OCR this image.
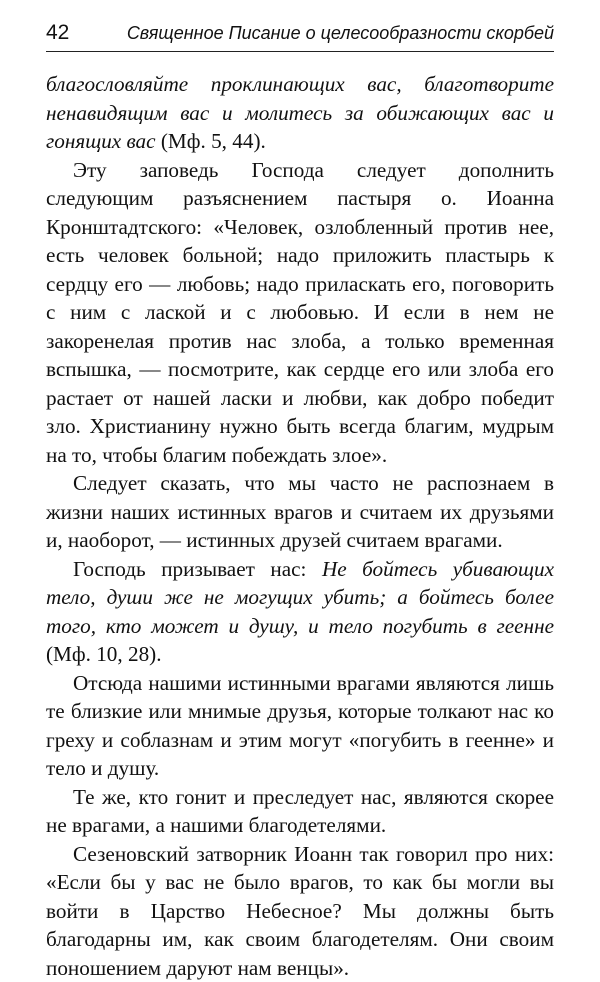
42	Священное Писание о целесообразности скорбей

благословляйте проклинающих вас, благотворите ненавидящим вас и молитесь за обижающих вас и гонящих вас (Мф. 5, 44).

Эту заповедь Господа следует дополнить следующим разъяснением пастыря о. Иоанна Кронштадтского: «Человек, озлобленный против нее, есть человек больной; надо приложить пластырь к сердцу его — любовь; надо приласкать его, поговорить с ним с лаской и с любовью. И если в нем не закоренелая против нас злоба, а только временная вспышка, — посмотрите, как сердце его или злоба его растает от нашей ласки и любви, как добро победит зло. Христианину нужно быть всегда благим, мудрым на то, чтобы благим побеждать злое».

Следует сказать, что мы часто не распознаем в жизни наших истинных врагов и считаем их друзьями и, наоборот, — истинных друзей считаем врагами.

Господь призывает нас: Не бойтесь убивающих тело, души же не могущих убить; а бойтесь более того, кто может и душу, и тело погубить в геенне (Мф. 10, 28).

Отсюда нашими истинными врагами являются лишь те близкие или мнимые друзья, которые толкают нас ко греху и соблазнам и этим могут «погубить в геенне» и тело и душу.

Те же, кто гонит и преследует нас, являются скорее не врагами, а нашими благодетелями.

Сезеновский затворник Иоанн так говорил про них: «Если бы у вас не было врагов, то как бы могли вы войти в Царство Небесное? Мы должны быть благодарны им, как своим благодетелям. Они своим поношением даруют нам венцы».
